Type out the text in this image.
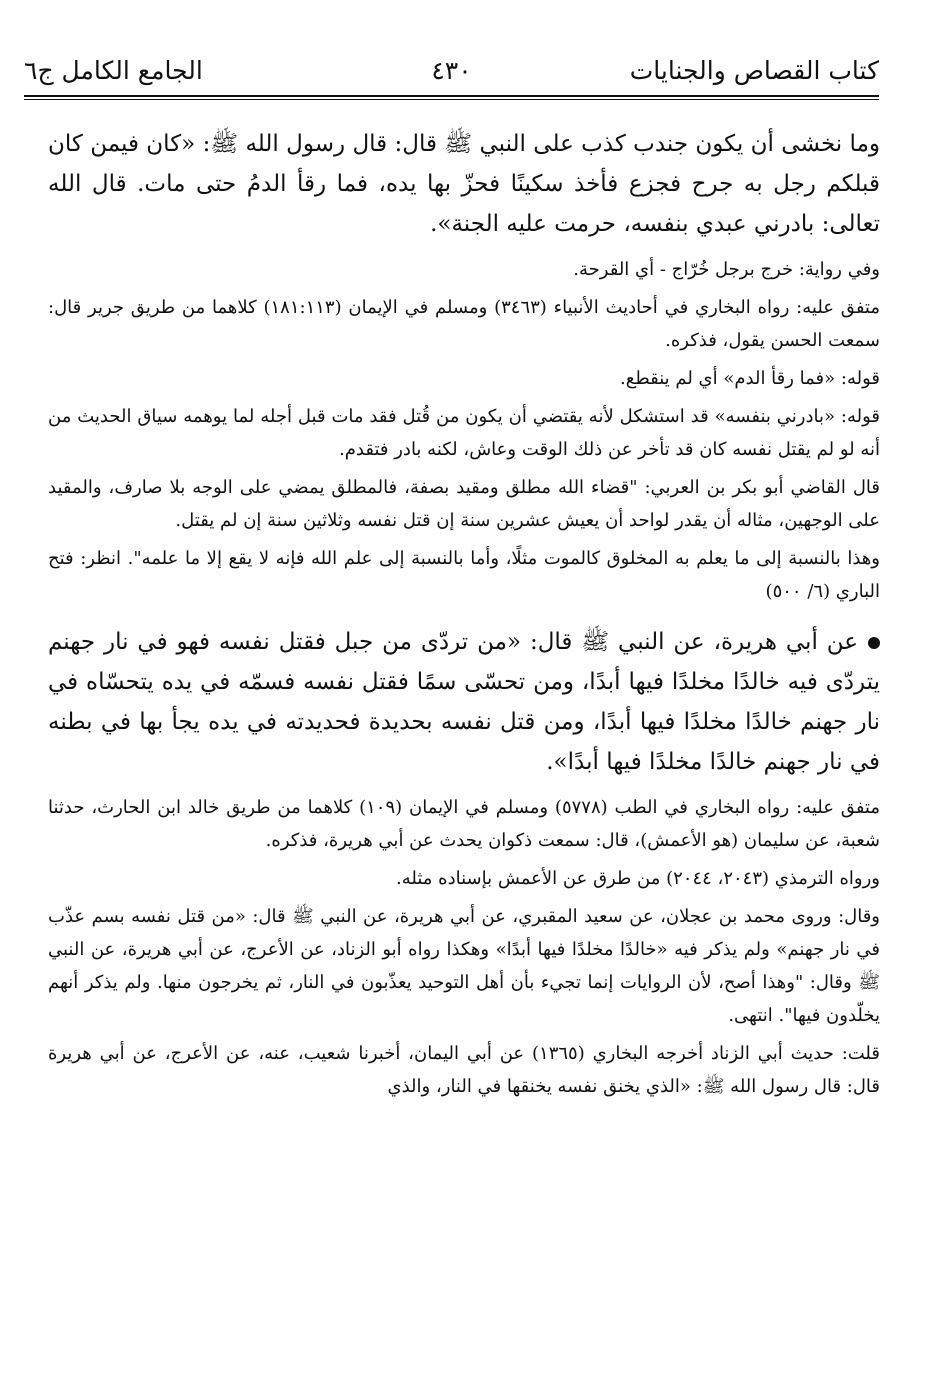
كتاب القصاص والجنايات
٤٣٠
الجامع الكامل ج٦

وما نخشى أن يكون جندب كذب على النبي ﷺ قال: قال رسول الله ﷺ: «كان فيمن كان قبلكم رجل به جرح فجزع فأخذ سكينًا فحزّ بها يده، فما رقأ الدمُ حتى مات. قال الله تعالى: بادرني عبدي بنفسه، حرمت عليه الجنة».

وفي رواية: خرج برجل خُرّاج - أي القرحة.

متفق عليه: رواه البخاري في أحاديث الأنبياء (٣٤٦٣) ومسلم في الإيمان (١٨١:١١٣) كلاهما من طريق جرير قال: سمعت الحسن يقول، فذكره.

قوله: «فما رقأ الدم» أي لم ينقطع.

قوله: «بادرني بنفسه» قد استشكل لأنه يقتضي أن يكون من قُتل فقد مات قبل أجله لما يوهمه سياق الحديث من أنه لو لم يقتل نفسه كان قد تأخر عن ذلك الوقت وعاش، لكنه بادر فتقدم.

قال القاضي أبو بكر بن العربي: "قضاء الله مطلق ومقيد بصفة، فالمطلق يمضي على الوجه بلا صارف، والمقيد على الوجهين، مثاله أن يقدر لواحد أن يعيش عشرين سنة إن قتل نفسه وثلاثين سنة إن لم يقتل.

وهذا بالنسبة إلى ما يعلم به المخلوق كالموت مثلًا، وأما بالنسبة إلى علم الله فإنه لا يقع إلا ما علمه". انظر: فتح الباري (٦/ ٥٠٠)

عن أبي هريرة، عن النبي ﷺ قال: «من تردّى من جبل فقتل نفسه فهو في نار جهنم يتردّى فيه خالدًا مخلدًا فيها أبدًا، ومن تحسّى سمًا فقتل نفسه فسمّه في يده يتحسّاه في نار جهنم خالدًا مخلدًا فيها أبدًا، ومن قتل نفسه بحديدة فحديدته في يده يجأ بها في بطنه في نار جهنم خالدًا مخلدًا فيها أبدًا».

متفق عليه: رواه البخاري في الطب (٥٧٧٨) ومسلم في الإيمان (١٠٩) كلاهما من طريق خالد ابن الحارث، حدثنا شعبة، عن سليمان (هو الأعمش)، قال: سمعت ذكوان يحدث عن أبي هريرة، فذكره.

ورواه الترمذي (٢٠٤٣، ٢٠٤٤) من طرق عن الأعمش بإسناده مثله.

وقال: وروى محمد بن عجلان، عن سعيد المقبري، عن أبي هريرة، عن النبي ﷺ قال: «من قتل نفسه بسم عذّب في نار جهنم» ولم يذكر فيه «خالدًا مخلدًا فيها أبدًا» وهكذا رواه أبو الزناد، عن الأعرج، عن أبي هريرة، عن النبي ﷺ وقال: "وهذا أصح، لأن الروايات إنما تجيء بأن أهل التوحيد يعذّبون في النار، ثم يخرجون منها. ولم يذكر أنهم يخلّدون فيها". انتهى.

قلت: حديث أبي الزناد أخرجه البخاري (١٣٦٥) عن أبي اليمان، أخبرنا شعيب، عنه، عن الأعرج، عن أبي هريرة قال: قال رسول الله ﷺ: «الذي يخنق نفسه يخنقها في النار، والذي
